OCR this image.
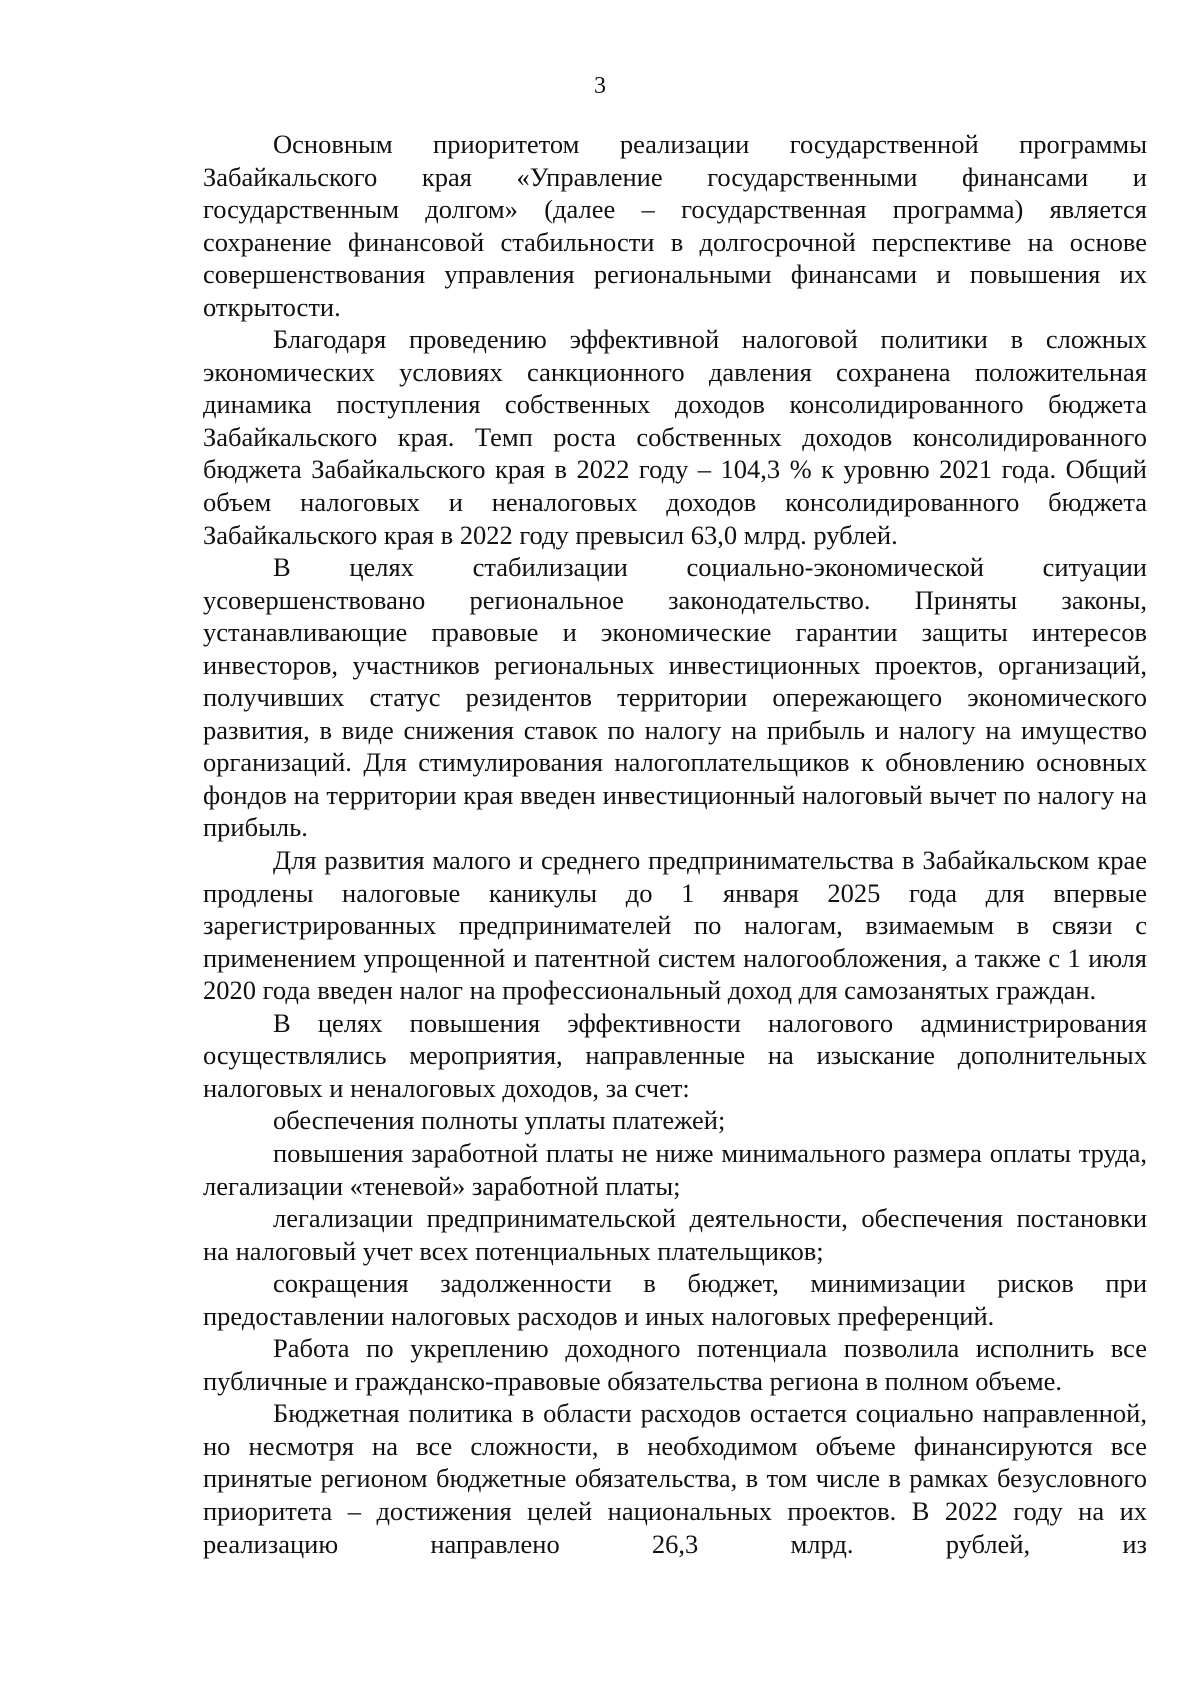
3

Основным приоритетом реализации государственной программы Забайкальского края «Управление государственными финансами и государственным долгом» (далее – государственная программа) является сохранение финансовой стабильности в долгосрочной перспективе на основе совершенствования управления региональными финансами и повышения их открытости.

Благодаря проведению эффективной налоговой политики в сложных экономических условиях санкционного давления сохранена положительная динамика поступления собственных доходов консолидированного бюджета Забайкальского края. Темп роста собственных доходов консолидированного бюджета Забайкальского края в 2022 году – 104,3 % к уровню 2021 года. Общий объем налоговых и неналоговых доходов консолидированного бюджета Забайкальского края в 2022 году превысил 63,0 млрд. рублей.

В целях стабилизации социально-экономической ситуации усовершенствовано региональное законодательство. Приняты законы, устанавливающие правовые и экономические гарантии защиты интересов инвесторов, участников региональных инвестиционных проектов, организаций, получивших статус резидентов территории опережающего экономического развития, в виде снижения ставок по налогу на прибыль и налогу на имущество организаций. Для стимулирования налогоплательщиков к обновлению основных фондов на территории края введен инвестиционный налоговый вычет по налогу на прибыль.

Для развития малого и среднего предпринимательства в Забайкальском крае продлены налоговые каникулы до 1 января 2025 года для впервые зарегистрированных предпринимателей по налогам, взимаемым в связи с применением упрощенной и патентной систем налогообложения, а также с 1 июля 2020 года введен налог на профессиональный доход для самозанятых граждан.

В целях повышения эффективности налогового администрирования осуществлялись мероприятия, направленные на изыскание дополнительных налоговых и неналоговых доходов, за счет:

обеспечения полноты уплаты платежей;

повышения заработной платы не ниже минимального размера оплаты труда, легализации «теневой» заработной платы;

легализации предпринимательской деятельности, обеспечения постановки на налоговый учет всех потенциальных плательщиков;

сокращения задолженности в бюджет, минимизации рисков при предоставлении налоговых расходов и иных налоговых преференций.

Работа по укреплению доходного потенциала позволила исполнить все публичные и гражданско-правовые обязательства региона в полном объеме.

Бюджетная политика в области расходов остается социально направленной, но несмотря на все сложности, в необходимом объеме финансируются все принятые регионом бюджетные обязательства, в том числе в рамках безусловного приоритета – достижения целей национальных проектов. В 2022 году на их реализацию направлено 26,3 млрд. рублей, из
